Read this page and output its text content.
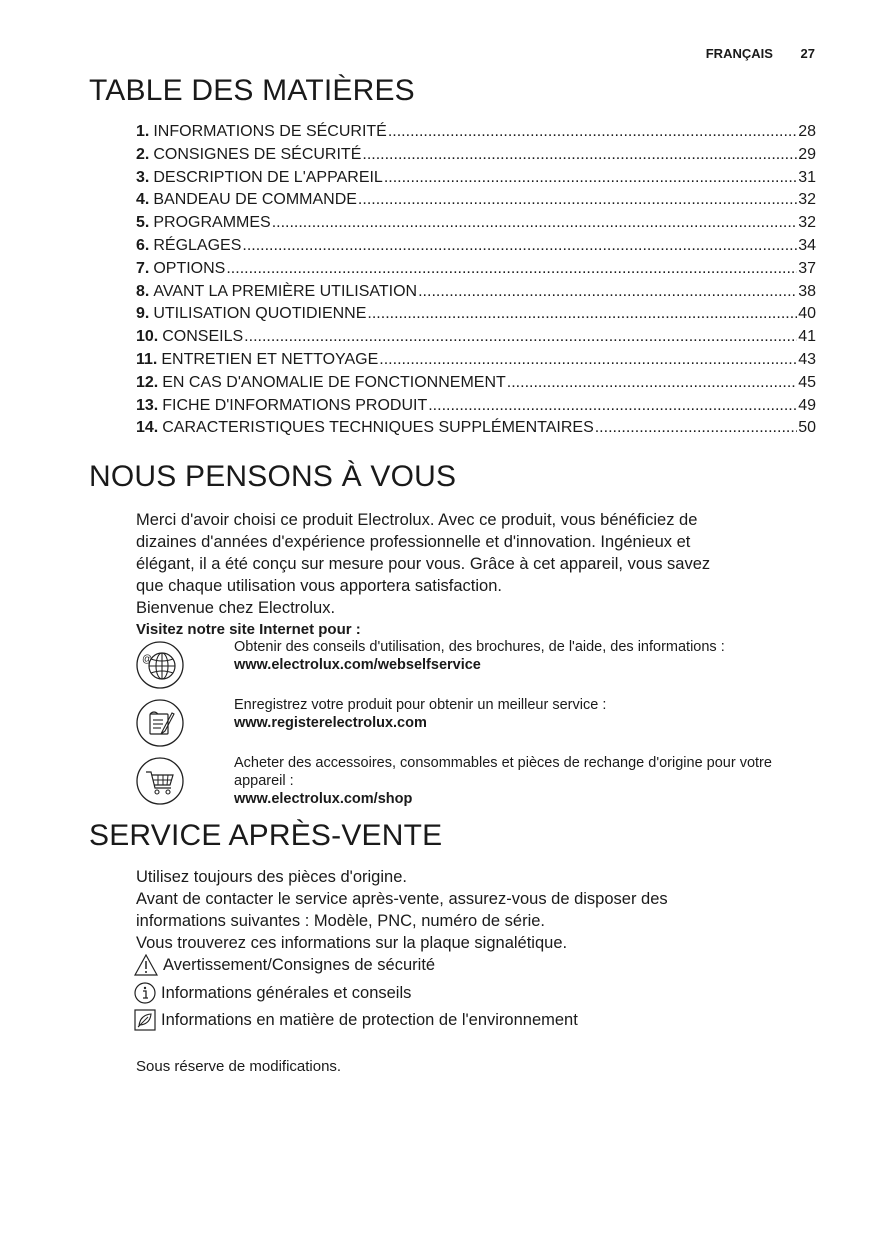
FRANÇAIS 27
TABLE DES MATIÈRES
1. INFORMATIONS DE SÉCURITÉ .....	28
2. CONSIGNES DE SÉCURITÉ .....	29
3. DESCRIPTION DE L'APPAREIL .....	31
4. BANDEAU DE COMMANDE .....	32
5. PROGRAMMES .....	32
6. RÉGLAGES .....	34
7. OPTIONS .....	37
8. AVANT LA PREMIÈRE UTILISATION .....	38
9. UTILISATION QUOTIDIENNE .....	40
10. CONSEILS .....	41
11. ENTRETIEN ET NETTOYAGE .....	43
12. EN CAS D'ANOMALIE DE FONCTIONNEMENT .....	45
13. FICHE D'INFORMATIONS PRODUIT .....	49
14. CARACTERISTIQUES TECHNIQUES SUPPLÉMENTAIRES .....	50
NOUS PENSONS À VOUS

Merci d'avoir choisi ce produit Electrolux. Avec ce produit, vous bénéficiez de

dizaines d'années d'expérience professionnelle et d'innovation. Ingénieux et

élégant, il a été conçu sur mesure pour vous. Grâce à cet appareil, vous savez

que chaque utilisation vous apportera satisfaction.

Bienvenue chez Electrolux.

Visitez notre site Internet pour :

@
Obtenir des conseils d'utilisation, des brochures, de l'aide, des informations :
www.electrolux.com/webselfservice
Enregistrez votre produit pour obtenir un meilleur service :
www.registerelectrolux.com
Acheter des accessoires, consommables et pièces de rechange d'origine pour votre appareil :
www.electrolux.com/shop
SERVICE APRÈS-VENTE

Utilisez toujours des pièces d'origine.

Avant de contacter le service après-vente, assurez-vous de disposer des

informations suivantes : Modèle, PNC, numéro de série.

Vous trouverez ces informations sur la plaque signalétique.

Avertissement/Consignes de sécurité
Informations générales et conseils
Informations en matière de protection de l'environnement
Sous réserve de modifications.
